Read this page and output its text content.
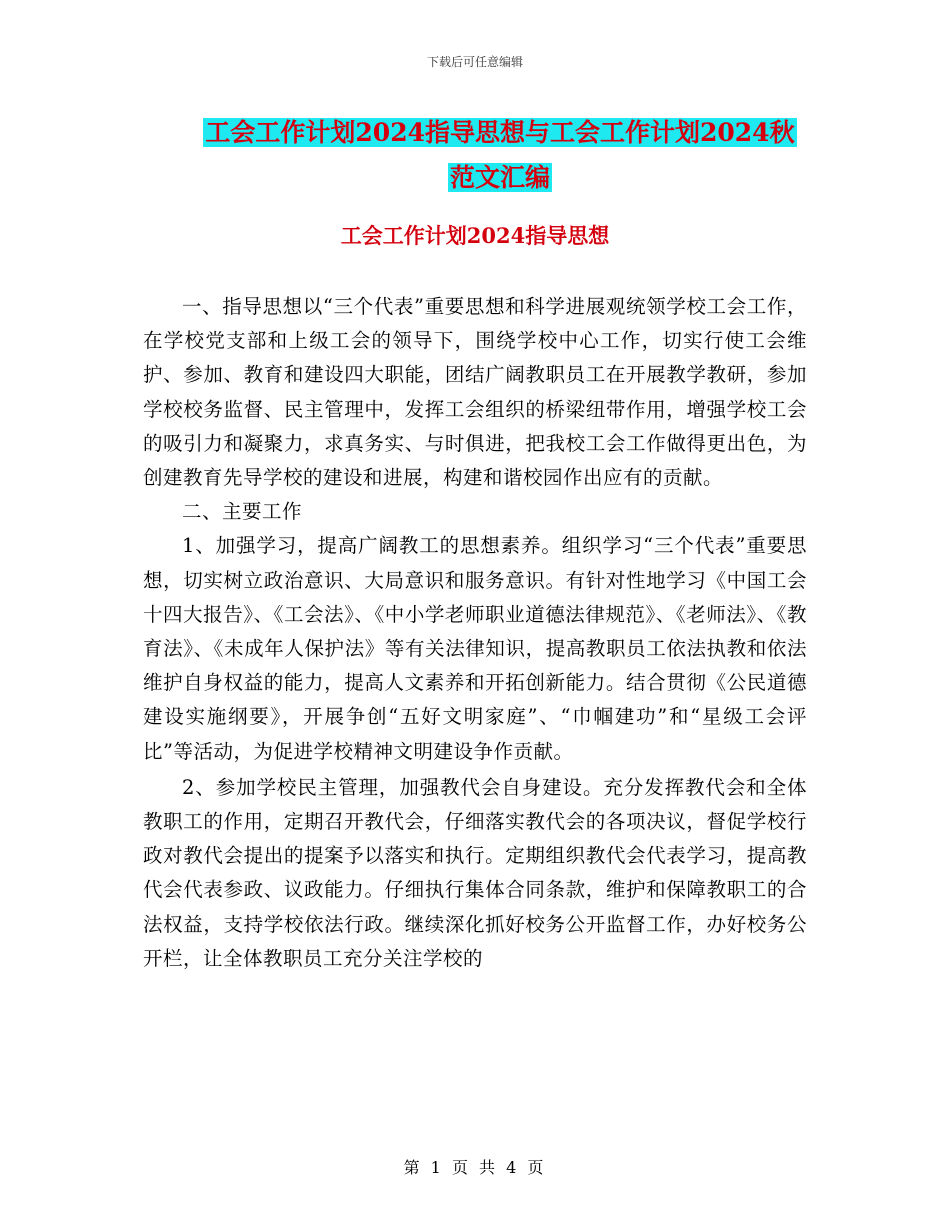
下载后可任意编辑
工会工作计划2024指导思想与工会工作计划2024秋
范文汇编
工会工作计划2024指导思想

一、指导思想以“三个代表”重要思想和科学进展观统领学校工会工作，在学校党支部和上级工会的领导下，围绕学校中心工作，切实行使工会维护、参加、教育和建设四大职能，团结广阔教职员工在开展教学教研，参加学校校务监督、民主管理中，发挥工会组织的桥梁纽带作用，增强学校工会的吸引力和凝聚力，求真务实、与时俱进，把我校工会工作做得更出色，为创建教育先导学校的建设和进展，构建和谐校园作出应有的贡献。

二、主要工作

1、加强学习，提高广阔教工的思想素养。组织学习“三个代表”重要思想，切实树立政治意识、大局意识和服务意识。有针对性地学习《中国工会十四大报告》、《工会法》、《中小学老师职业道德法律规范》、《老师法》、《教育法》、《未成年人保护法》等有关法律知识，提高教职员工依法执教和依法维护自身权益的能力，提高人文素养和开拓创新能力。结合贯彻《公民道德建设实施纲要》，开展争创“五好文明家庭”、“巾帼建功”和“星级工会评比”等活动，为促进学校精神文明建设争作贡献。

2、参加学校民主管理，加强教代会自身建设。充分发挥教代会和全体教职工的作用，定期召开教代会，仔细落实教代会的各项决议，督促学校行政对教代会提出的提案予以落实和执行。定期组织教代会代表学习，提高教代会代表参政、议政能力。仔细执行集体合同条款，维护和保障教职工的合法权益，支持学校依法行政。继续深化抓好校务公开监督工作，办好校务公开栏，让全体教职员工充分关注学校的

第 1 页 共 4 页
